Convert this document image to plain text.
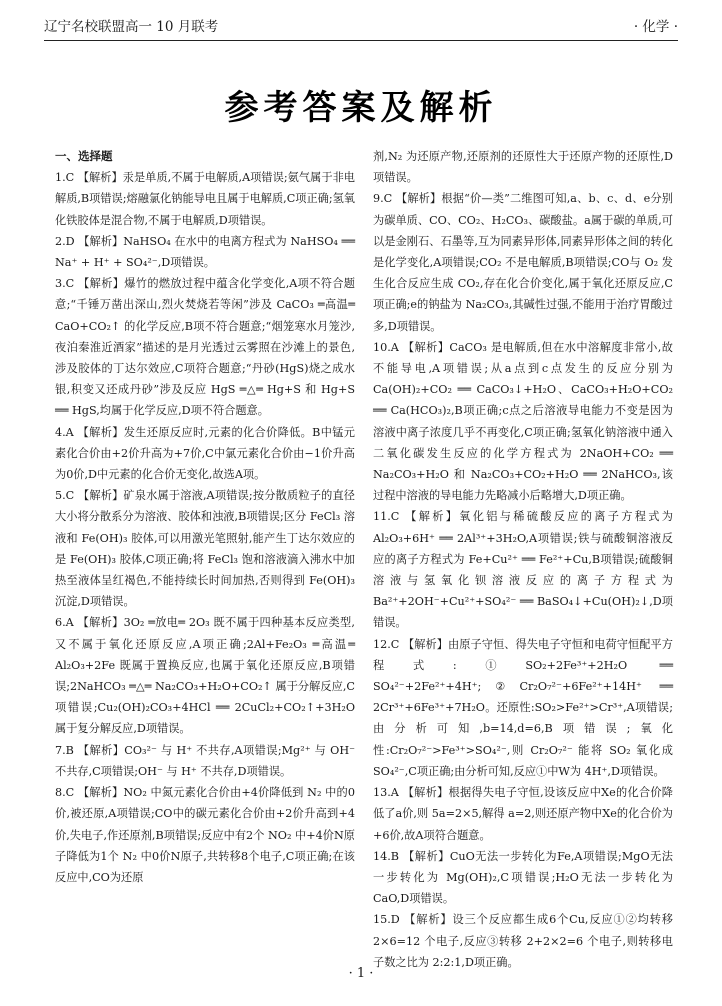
辽宁名校联盟高一 10 月联考	· 化学 ·
参考答案及解析
一、选择题

1.C 【解析】汞是单质,不属于电解质,A项错误;氨气属于非电解质,B项错误;熔融氯化钠能导电且属于电解质,C项正确;氢氧化铁胶体是混合物,不属于电解质,D项错误。

2.D 【解析】NaHSO₄ 在水中的电离方程式为 NaHSO₄ ══ Na⁺ + H⁺ + SO₄²⁻,D项错误。

3.C 【解析】爆竹的燃放过程中蕴含化学变化,A项不符合题意;“千锤万凿出深山,烈火焚烧若等闲”涉及 CaCO₃ ═高温═ CaO+CO₂↑ 的化学反应,B项不符合题意;“烟笼寒水月笼沙,夜泊秦淮近酒家”描述的是月光透过云雾照在沙滩上的景色,涉及胶体的丁达尔效应,C项符合题意;“丹砂(HgS)烧之成水银,积变又还成丹砂”涉及反应 HgS ═△═ Hg+S 和 Hg+S ══ HgS,均属于化学反应,D项不符合题意。

4.A 【解析】发生还原反应时,元素的化合价降低。B中锰元素化合价由+2价升高为+7价,C中氯元素化合价由−1价升高为0价,D中元素的化合价无变化,故选A项。

5.C 【解析】矿泉水属于溶液,A项错误;按分散质粒子的直径大小将分散系分为溶液、胶体和浊液,B项错误;区分 FeCl₃ 溶液和 Fe(OH)₃ 胶体,可以用激光笔照射,能产生丁达尔效应的是 Fe(OH)₃ 胶体,C项正确;将 FeCl₃ 饱和溶液滴入沸水中加热至液体呈红褐色,不能持续长时间加热,否则得到 Fe(OH)₃ 沉淀,D项错误。

6.A 【解析】3O₂ ═放电═ 2O₃ 既不属于四种基本反应类型,又不属于氧化还原反应,A项正确;2Al+Fe₂O₃ ═高温═ Al₂O₃+2Fe 既属于置换反应,也属于氧化还原反应,B项错误;2NaHCO₃ ═△═ Na₂CO₃+H₂O+CO₂↑ 属于分解反应,C项错误;Cu₂(OH)₂CO₃+4HCl ══ 2CuCl₂+CO₂↑+3H₂O 属于复分解反应,D项错误。

7.B 【解析】CO₃²⁻ 与 H⁺ 不共存,A项错误;Mg²⁺ 与 OH⁻ 不共存,C项错误;OH⁻ 与 H⁺ 不共存,D项错误。

8.C 【解析】NO₂ 中氮元素化合价由+4价降低到 N₂ 中的0价,被还原,A项错误;CO中的碳元素化合价由+2价升高到+4价,失电子,作还原剂,B项错误;反应中有2个 NO₂ 中+4价N原子降低为1个 N₂ 中0价N原子,共转移8个电子,C项正确;在该反应中,CO为还原

剂,N₂ 为还原产物,还原剂的还原性大于还原产物的还原性,D项错误。

9.C 【解析】根据“价—类”二维图可知,a、b、c、d、e分别为碳单质、CO、CO₂、H₂CO₃、碳酸盐。a属于碳的单质,可以是金刚石、石墨等,互为同素异形体,同素异形体之间的转化是化学变化,A项错误;CO₂ 不是电解质,B项错误;CO与 O₂ 发生化合反应生成 CO₂,存在化合价变化,属于氧化还原反应,C项正确;e的钠盐为 Na₂CO₃,其碱性过强,不能用于治疗胃酸过多,D项错误。

10.A 【解析】CaCO₃ 是电解质,但在水中溶解度非常小,故不能导电,A项错误;从a点到c点发生的反应分别为 Ca(OH)₂+CO₂ ══ CaCO₃↓+H₂O、CaCO₃+H₂O+CO₂ ══ Ca(HCO₃)₂,B项正确;c点之后溶液导电能力不变是因为溶液中离子浓度几乎不再变化,C项正确;氢氧化钠溶液中通入二氧化碳发生反应的化学方程式为 2NaOH+CO₂ ══ Na₂CO₃+H₂O 和 Na₂CO₃+CO₂+H₂O ══ 2NaHCO₃,该过程中溶液的导电能力先略减小后略增大,D项正确。

11.C 【解析】氧化铝与稀硫酸反应的离子方程式为 Al₂O₃+6H⁺ ══ 2Al³⁺+3H₂O,A项错误;铁与硫酸铜溶液反应的离子方程式为 Fe+Cu²⁺ ══ Fe²⁺+Cu,B项错误;硫酸铜溶液与氢氧化钡溶液反应的离子方程式为 Ba²⁺+2OH⁻+Cu²⁺+SO₄²⁻ ══ BaSO₄↓+Cu(OH)₂↓,D项错误。

12.C 【解析】由原子守恒、得失电子守恒和电荷守恒配平方程式:①SO₂+2Fe³⁺+2H₂O ══ SO₄²⁻+2Fe²⁺+4H⁺;②Cr₂O₇²⁻+6Fe²⁺+14H⁺ ══ 2Cr³⁺+6Fe³⁺+7H₂O。还原性:SO₂>Fe²⁺>Cr³⁺,A项错误;由分析可知,b=14,d=6,B项错误;氧化性:Cr₂O₇²⁻>Fe³⁺>SO₄²⁻,则 Cr₂O₇²⁻ 能将 SO₂ 氧化成 SO₄²⁻,C项正确;由分析可知,反应①中W为 4H⁺,D项错误。

13.A 【解析】根据得失电子守恒,设该反应中Xe的化合价降低了a价,则 5a=2×5,解得 a=2,则还原产物中Xe的化合价为+6价,故A项符合题意。

14.B 【解析】CuO无法一步转化为Fe,A项错误;MgO无法一步转化为 Mg(OH)₂,C项错误;H₂O无法一步转化为 CaO,D项错误。

15.D 【解析】设三个反应都生成6个Cu,反应①②均转移 2×6=12 个电子,反应③转移 2+2×2=6 个电子,则转移电子数之比为 2:2:1,D项正确。

· 1 ·
